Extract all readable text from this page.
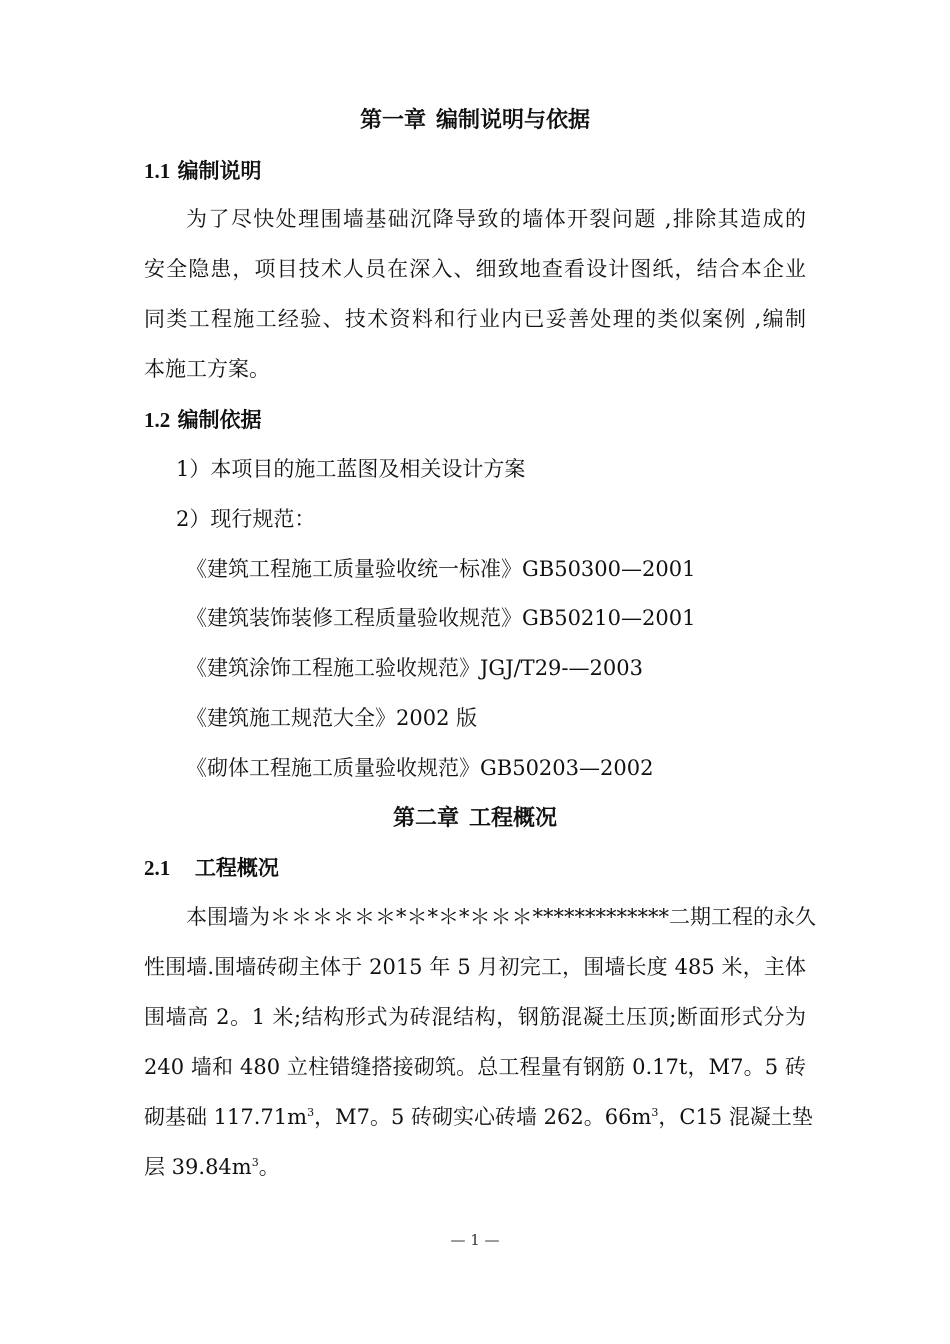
第一章 编制说明与依据
1.1 编制说明
为了尽快处理围墙基础沉降导致的墙体开裂问题 ,排除其造成的
安全隐患，项目技术人员在深入、细致地查看设计图纸，结合本企业
同类工程施工经验、技术资料和行业内已妥善处理的类似案例 ,编制
本施工方案。
1.2 编制依据
1）本项目的施工蓝图及相关设计方案
2）现行规范：
《建筑工程施工质量验收统一标准》GB50300—2001
《建筑装饰装修工程质量验收规范》GB50210—2001
《建筑涂饰工程施工验收规范》JGJ/T29-—2003
《建筑施工规范大全》2002 版
《砌体工程施工质量验收规范》GB50203—2002
第二章 工程概况
2.1 工程概况
本围墙为＊＊＊＊＊＊*＊*＊*＊＊＊*************二期工程的永久
性围墙.围墙砖砌主体于 2015 年 5 月初完工，围墙长度 485 米，主体
围墙高 2。1 米;结构形式为砖混结构，钢筋混凝土压顶;断面形式分为
240 墙和 480 立柱错缝搭接砌筑。总工程量有钢筋 0.17t，M7。5 砖
砌基础 $117.71m^3$，M7。5 砖砌实心砖墙 262。$66m^3$，C15 混凝土垫
层 $39.84m^3$。
— 1 —
